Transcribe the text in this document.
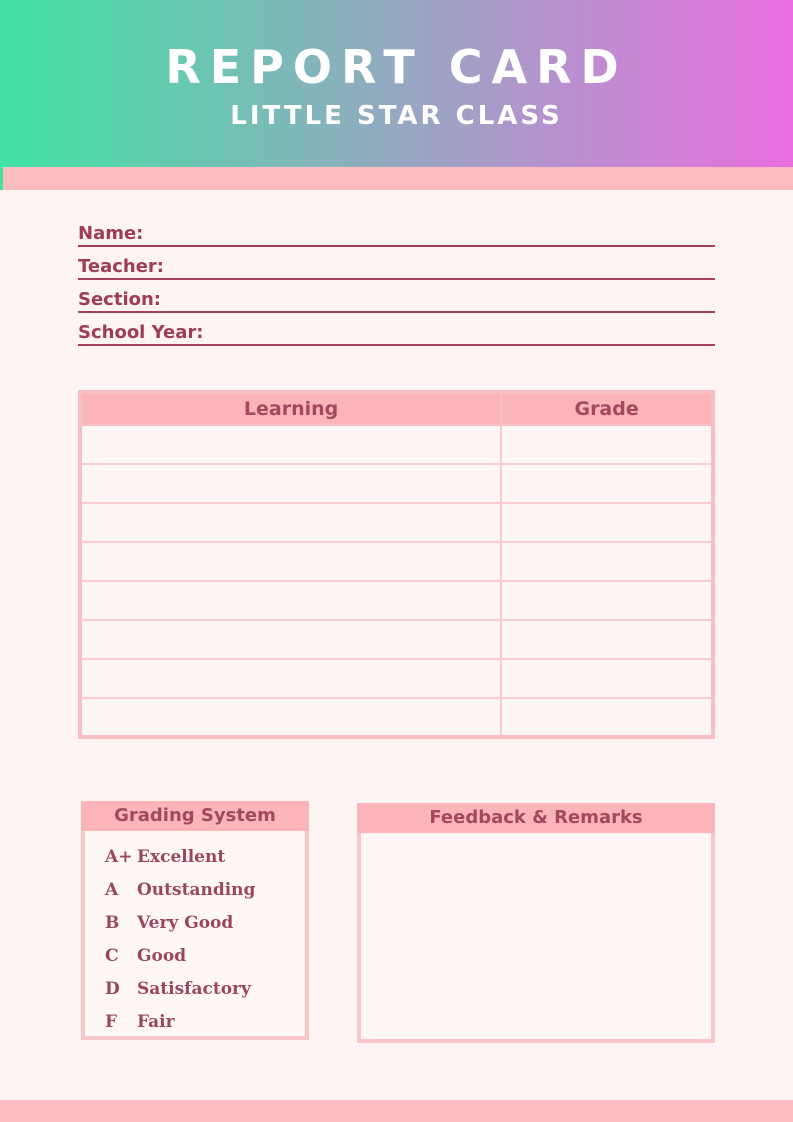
REPORT CARD
LITTLE STAR CLASS
Name:
Teacher:
Section:
School Year:
Learning	Grade

Grading System
A+ Excellent
A	Outstanding
B	Very Good
C	Good
D	Satisfactory
F	Fair
Feedback & Remarks
